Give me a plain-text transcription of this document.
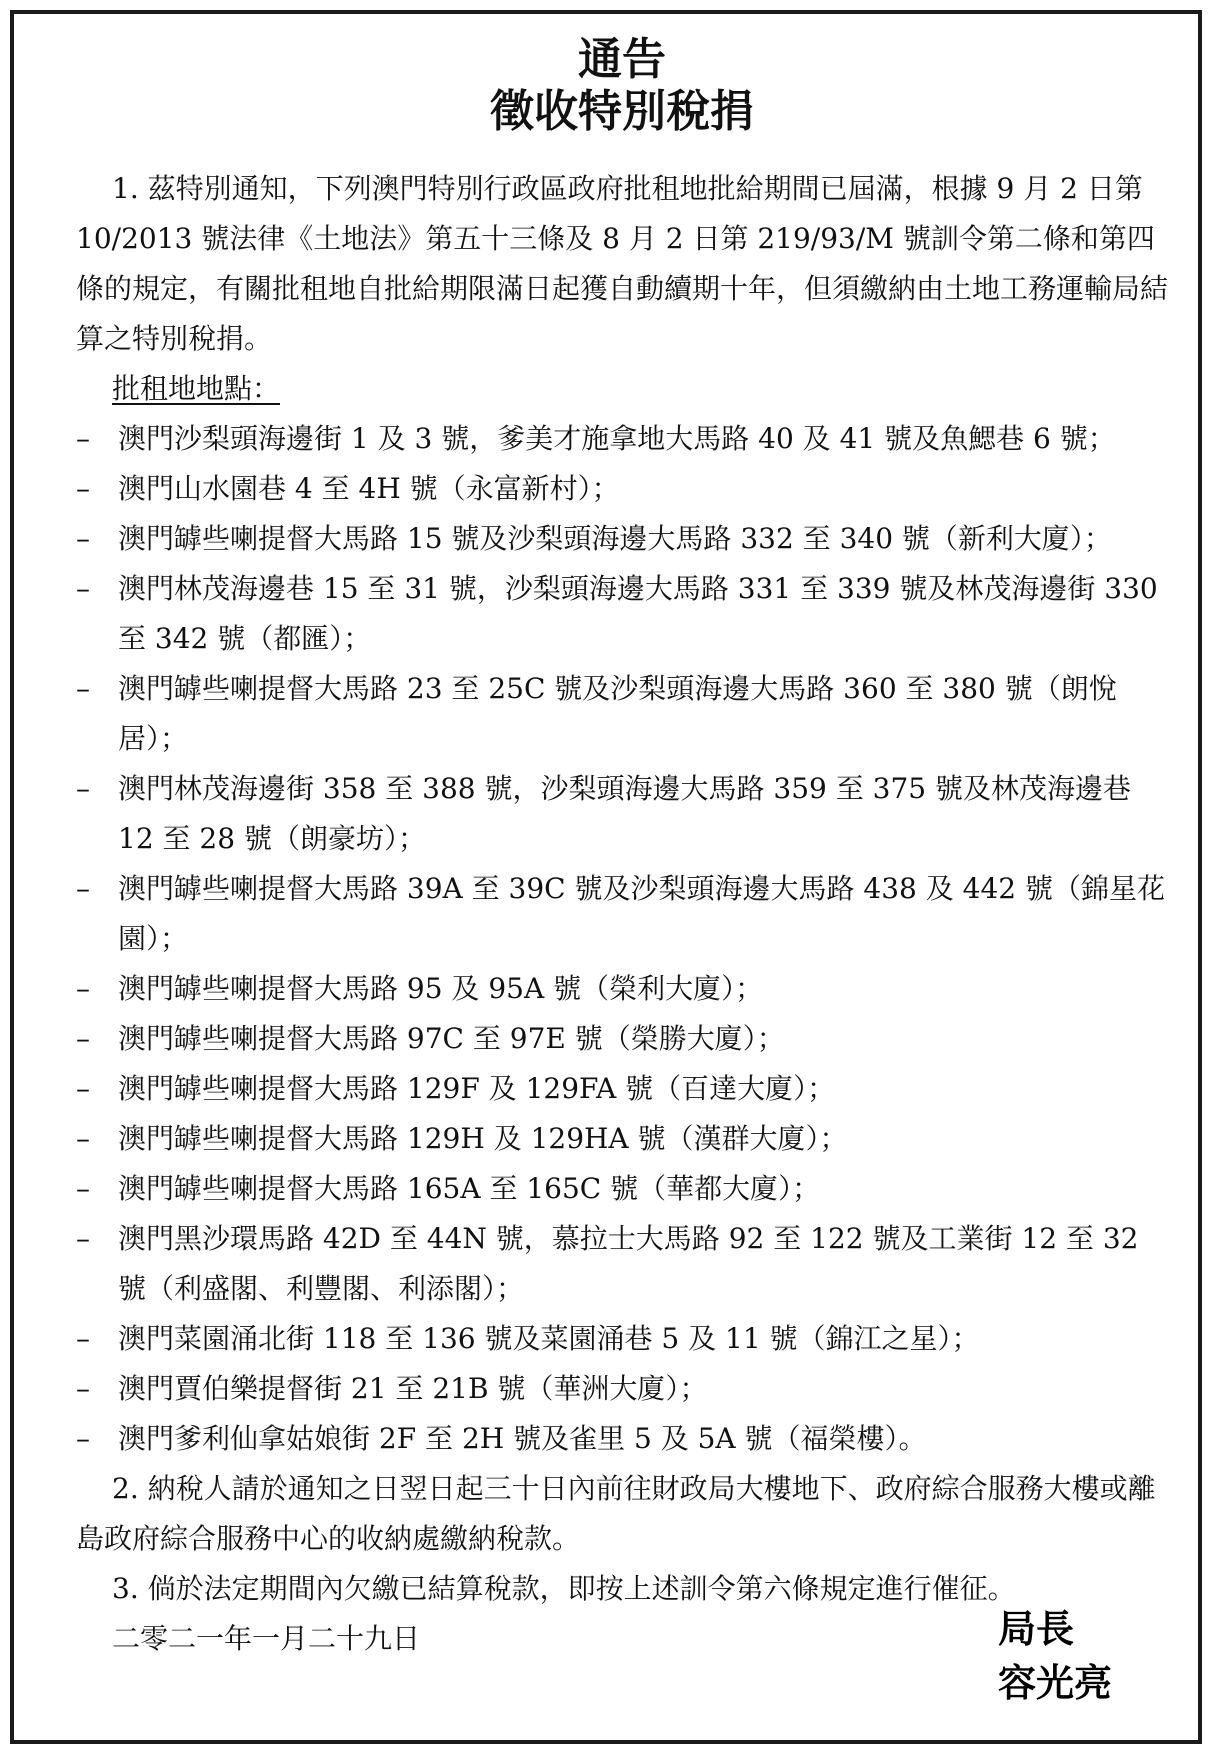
通告
徵收特別稅捐

1. 茲特別通知，下列澳門特別行政區政府批租地批給期間已屆滿，根據 9 月 2 日第 10/2013 號法律《土地法》第五十三條及 8 月 2 日第 219/93/M 號訓令第二條和第四條的規定，有關批租地自批給期限滿日起獲自動續期十年，但須繳納由土地工務運輸局結算之特別稅捐。

批租地地點：

–	澳門沙梨頭海邊街 1 及 3 號，爹美才施拿地大馬路 40 及 41 號及魚鰓巷 6 號；

–	澳門山水園巷 4 至 4H 號（永富新村）；

–	澳門罅些喇提督大馬路 15 號及沙梨頭海邊大馬路 332 至 340 號（新利大廈）；

–	澳門林茂海邊巷 15 至 31 號，沙梨頭海邊大馬路 331 至 339 號及林茂海邊街 330 至 342 號（都匯）；

–	澳門罅些喇提督大馬路 23 至 25C 號及沙梨頭海邊大馬路 360 至 380 號（朗悅居）；

–	澳門林茂海邊街 358 至 388 號，沙梨頭海邊大馬路 359 至 375 號及林茂海邊巷 12 至 28 號（朗豪坊）；

–	澳門罅些喇提督大馬路 39A 至 39C 號及沙梨頭海邊大馬路 438 及 442 號（錦星花園）；

–	澳門罅些喇提督大馬路 95 及 95A 號（榮利大廈）；

–	澳門罅些喇提督大馬路 97C 至 97E 號（榮勝大廈）；

–	澳門罅些喇提督大馬路 129F 及 129FA 號（百達大廈）；

–	澳門罅些喇提督大馬路 129H 及 129HA 號（漢群大廈）；

–	澳門罅些喇提督大馬路 165A 至 165C 號（華都大廈）；

–	澳門黑沙環馬路 42D 至 44N 號，慕拉士大馬路 92 至 122 號及工業街 12 至 32 號（利盛閣、利豐閣、利添閣）；

–	澳門菜園涌北街 118 至 136 號及菜園涌巷 5 及 11 號（錦江之星）；

–	澳門賈伯樂提督街 21 至 21B 號（華洲大廈）；

–	澳門爹利仙拿姑娘街 2F 至 2H 號及雀里 5 及 5A 號（福榮樓）。

2. 納稅人請於通知之日翌日起三十日內前往財政局大樓地下、政府綜合服務大樓或離島政府綜合服務中心的收納處繳納稅款。

3. 倘於法定期間內欠繳已結算稅款，即按上述訓令第六條規定進行催征。

二零二一年一月二十九日	局長
容光亮
